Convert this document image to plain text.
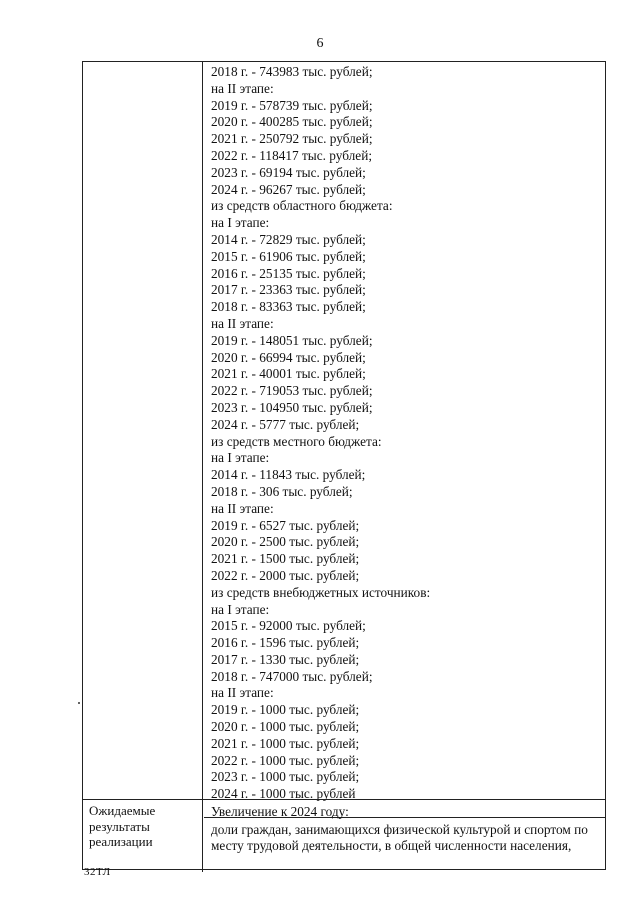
6
2018 г. - 743983 тыс. рублей;
на II этапе:
2019 г. - 578739 тыс. рублей;
2020 г. - 400285 тыс. рублей;
2021 г. - 250792 тыс. рублей;
2022 г. - 118417 тыс. рублей;
2023 г. - 69194 тыс. рублей;
2024 г. - 96267 тыс. рублей;
из средств областного бюджета:
на I этапе:
2014 г. - 72829 тыс. рублей;
2015 г. - 61906 тыс. рублей;
2016 г. - 25135 тыс. рублей;
2017 г. - 23363 тыс. рублей;
2018 г. - 83363 тыс. рублей;
на II этапе:
2019 г. - 148051 тыс. рублей;
2020 г. - 66994 тыс. рублей;
2021 г. - 40001 тыс. рублей;
2022 г. - 719053 тыс. рублей;
2023 г. - 104950 тыс. рублей;
2024 г. - 5777 тыс. рублей;
из средств местного бюджета:
на I этапе:
2014 г. - 11843 тыс. рублей;
2018 г. - 306 тыс. рублей;
на II этапе:
2019 г. - 6527 тыс. рублей;
2020 г. - 2500 тыс. рублей;
2021 г. - 1500 тыс. рублей;
2022 г. - 2000 тыс. рублей;
из средств внебюджетных источников:
на I этапе:
2015 г. - 92000 тыс. рублей;
2016 г. - 1596 тыс. рублей;
2017 г. - 1330 тыс. рублей;
2018 г. - 747000 тыс. рублей;
на II этапе:
2019 г. - 1000 тыс. рублей;
2020 г. - 1000 тыс. рублей;
2021 г. - 1000 тыс. рублей;
2022 г. - 1000 тыс. рублей;
2023 г. - 1000 тыс. рублей;
2024 г. - 1000 тыс. рублей
Ожидаемые
результаты
реализации
Увеличение к 2024 году:
доли граждан, занимающихся физической культурой и спортом по
месту трудовой деятельности, в общей численности населения,
32ТЛ
